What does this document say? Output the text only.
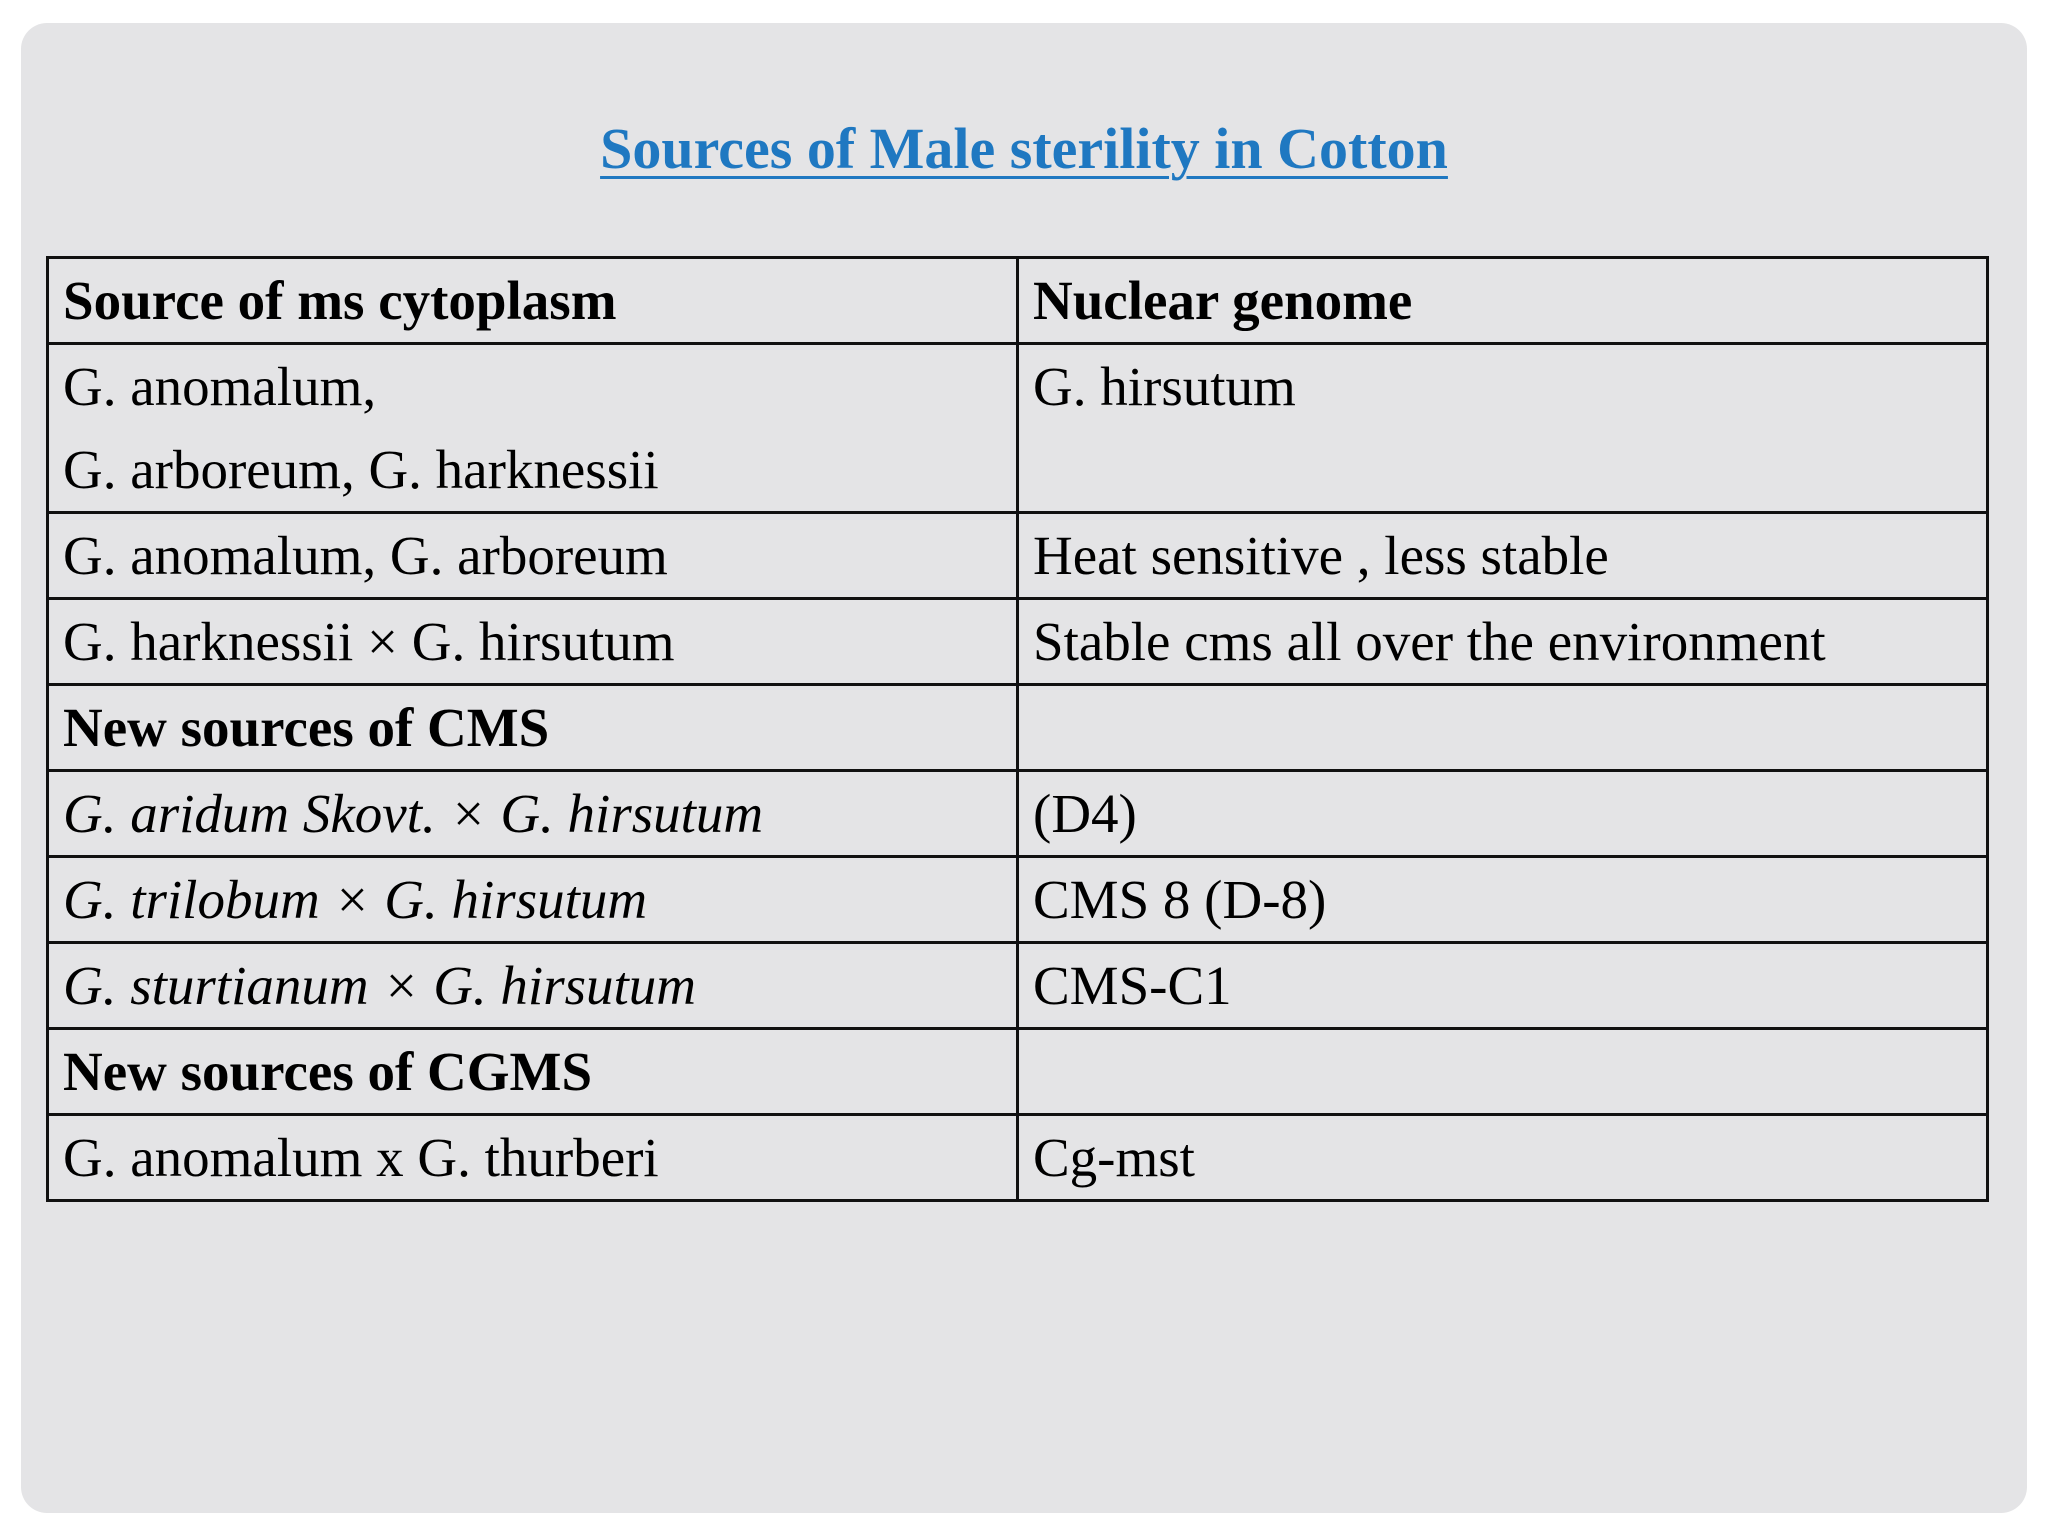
Sources of Male sterility in Cotton
Source of ms cytoplasm	Nuclear genome

G. anomalum,
G. arboreum, G. harknessii	G. hirsutum
G. anomalum, G. arboreum	Heat sensitive , less stable
G. harknessii × G. hirsutum	Stable cms all over the environment
New sources of CMS	
G. aridum Skovt. × G. hirsutum	(D4)
G. trilobum × G. hirsutum	CMS 8 (D-8)
G. sturtianum × G. hirsutum	CMS-C1
New sources of CGMS	
G. anomalum x G. thurberi	Cg-mst
